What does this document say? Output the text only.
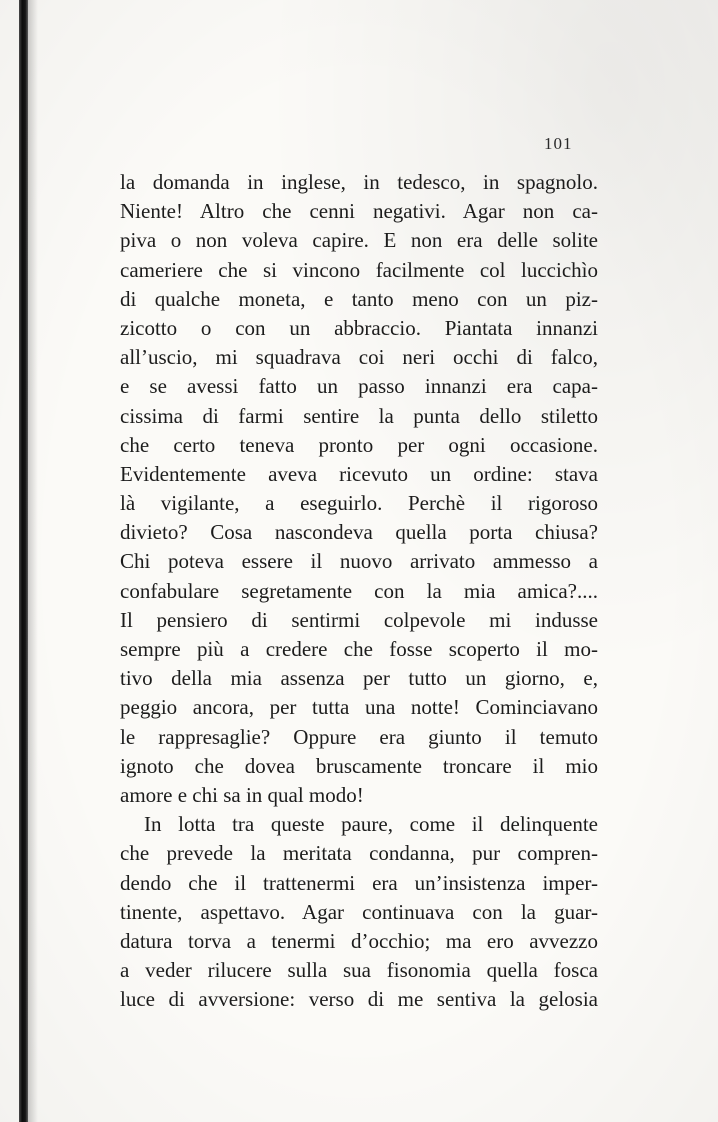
101
la domanda in inglese, in tedesco, in spagnolo.
Niente! Altro che cenni negativi. Agar non ca-
piva o non voleva capire. E non era delle solite
cameriere che si vincono facilmente col luccichìo
di qualche moneta, e tanto meno con un piz-
zicotto o con un abbraccio. Piantata innanzi
all’uscio, mi squadrava coi neri occhi di falco,
e se avessi fatto un passo innanzi era capa-
cissima di farmi sentire la punta dello stiletto
che certo teneva pronto per ogni occasione.
Evidentemente aveva ricevuto un ordine: stava
là vigilante, a eseguirlo. Perchè il rigoroso
divieto? Cosa nascondeva quella porta chiusa?
Chi poteva essere il nuovo arrivato ammesso a
confabulare segretamente con la mia amica?....
Il pensiero di sentirmi colpevole mi indusse
sempre più a credere che fosse scoperto il mo-
tivo della mia assenza per tutto un giorno, e,
peggio ancora, per tutta una notte! Cominciavano
le rappresaglie? Oppure era giunto il temuto
ignoto che dovea bruscamente troncare il mio
amore e chi sa in qual modo!
In lotta tra queste paure, come il delinquente
che prevede la meritata condanna, pur compren-
dendo che il trattenermi era un’insistenza imper-
tinente, aspettavo. Agar continuava con la guar-
datura torva a tenermi d’occhio; ma ero avvezzo
a veder rilucere sulla sua fisonomia quella fosca
luce di avversione: verso di me sentiva la gelosia
